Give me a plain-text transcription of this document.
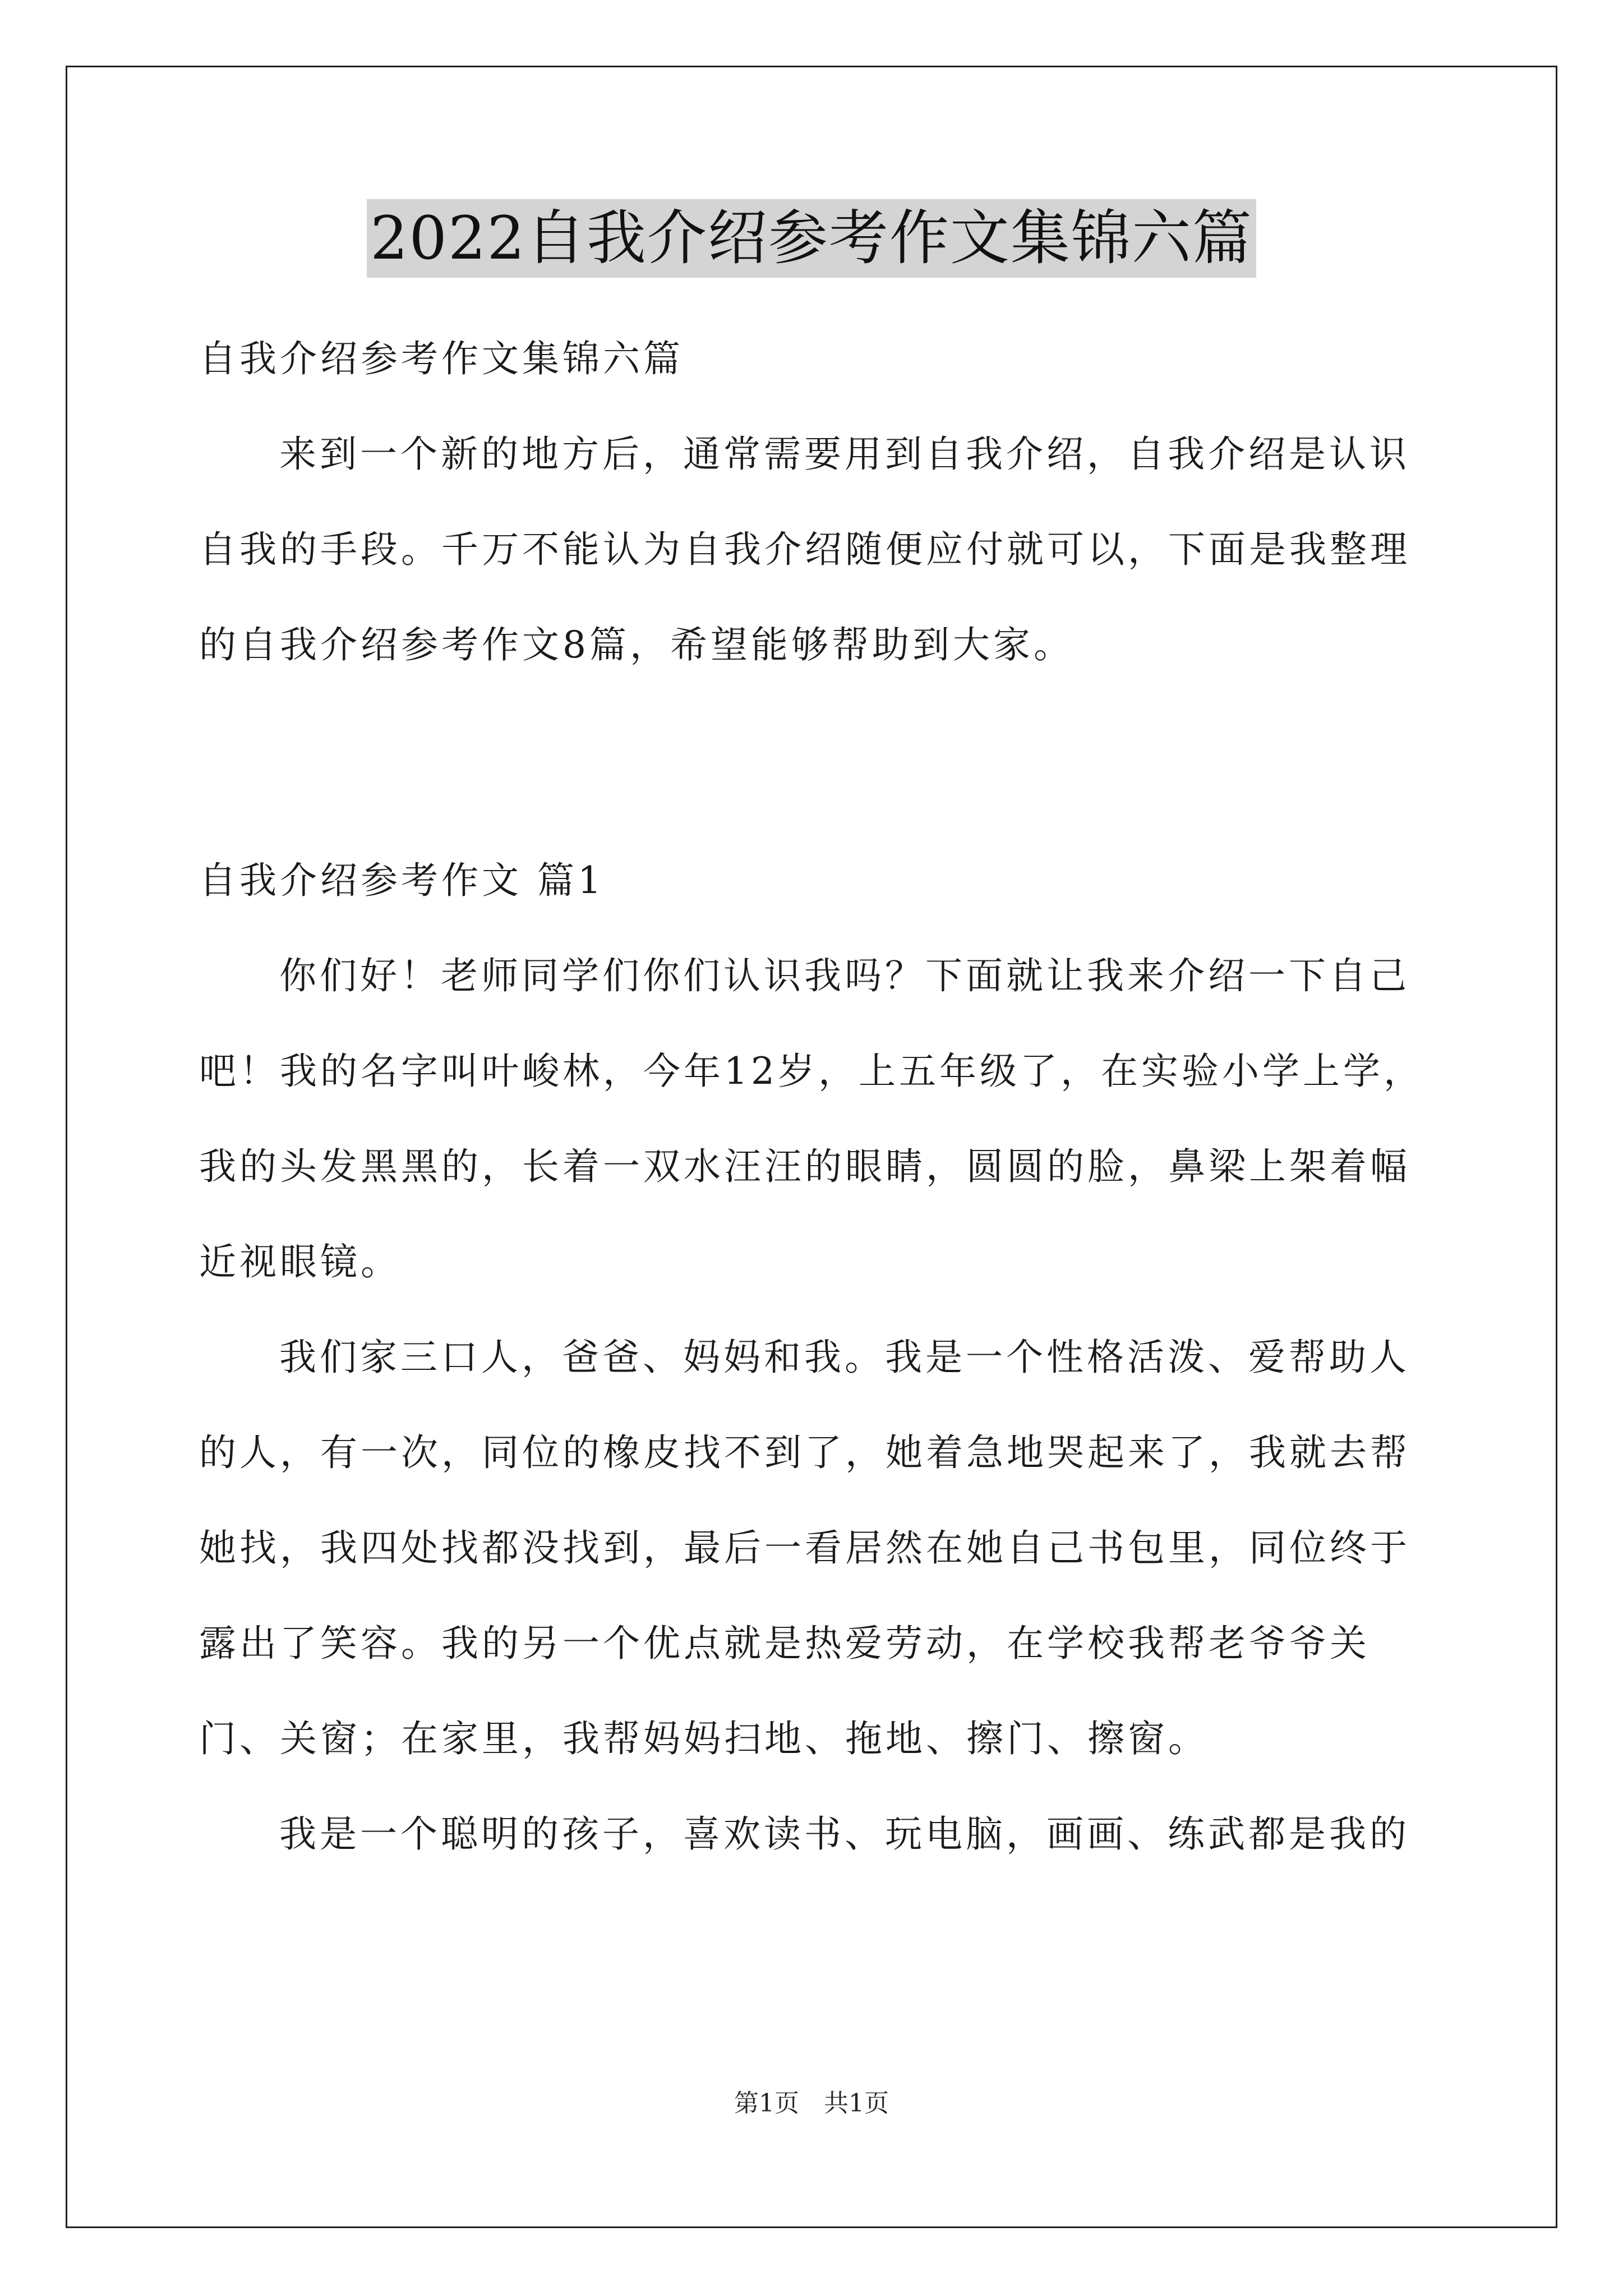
2022自我介绍参考作文集锦六篇

自我介绍参考作文集锦六篇

来到一个新的地方后，通常需要用到自我介绍，自我介绍是认识自我的手段。千万不能认为自我介绍随便应付就可以，下面是我整理的自我介绍参考作文8篇，希望能够帮助到大家。

自我介绍参考作文 篇1

你们好！老师同学们你们认识我吗？下面就让我来介绍一下自己吧！我的名字叫叶峻林，今年12岁，上五年级了，在实验小学上学，我的头发黑黑的，长着一双水汪汪的眼睛，圆圆的脸，鼻梁上架着幅近视眼镜。

我们家三口人，爸爸、妈妈和我。我是一个性格活泼、爱帮助人的人，有一次，同位的橡皮找不到了，她着急地哭起来了，我就去帮她找，我四处找都没找到，最后一看居然在她自己书包里，同位终于露出了笑容。我的另一个优点就是热爱劳动，在学校我帮老爷爷关门、关窗；在家里，我帮妈妈扫地、拖地、擦门、擦窗。

我是一个聪明的孩子，喜欢读书、玩电脑，画画、练武都是我的

第1页　共1页
